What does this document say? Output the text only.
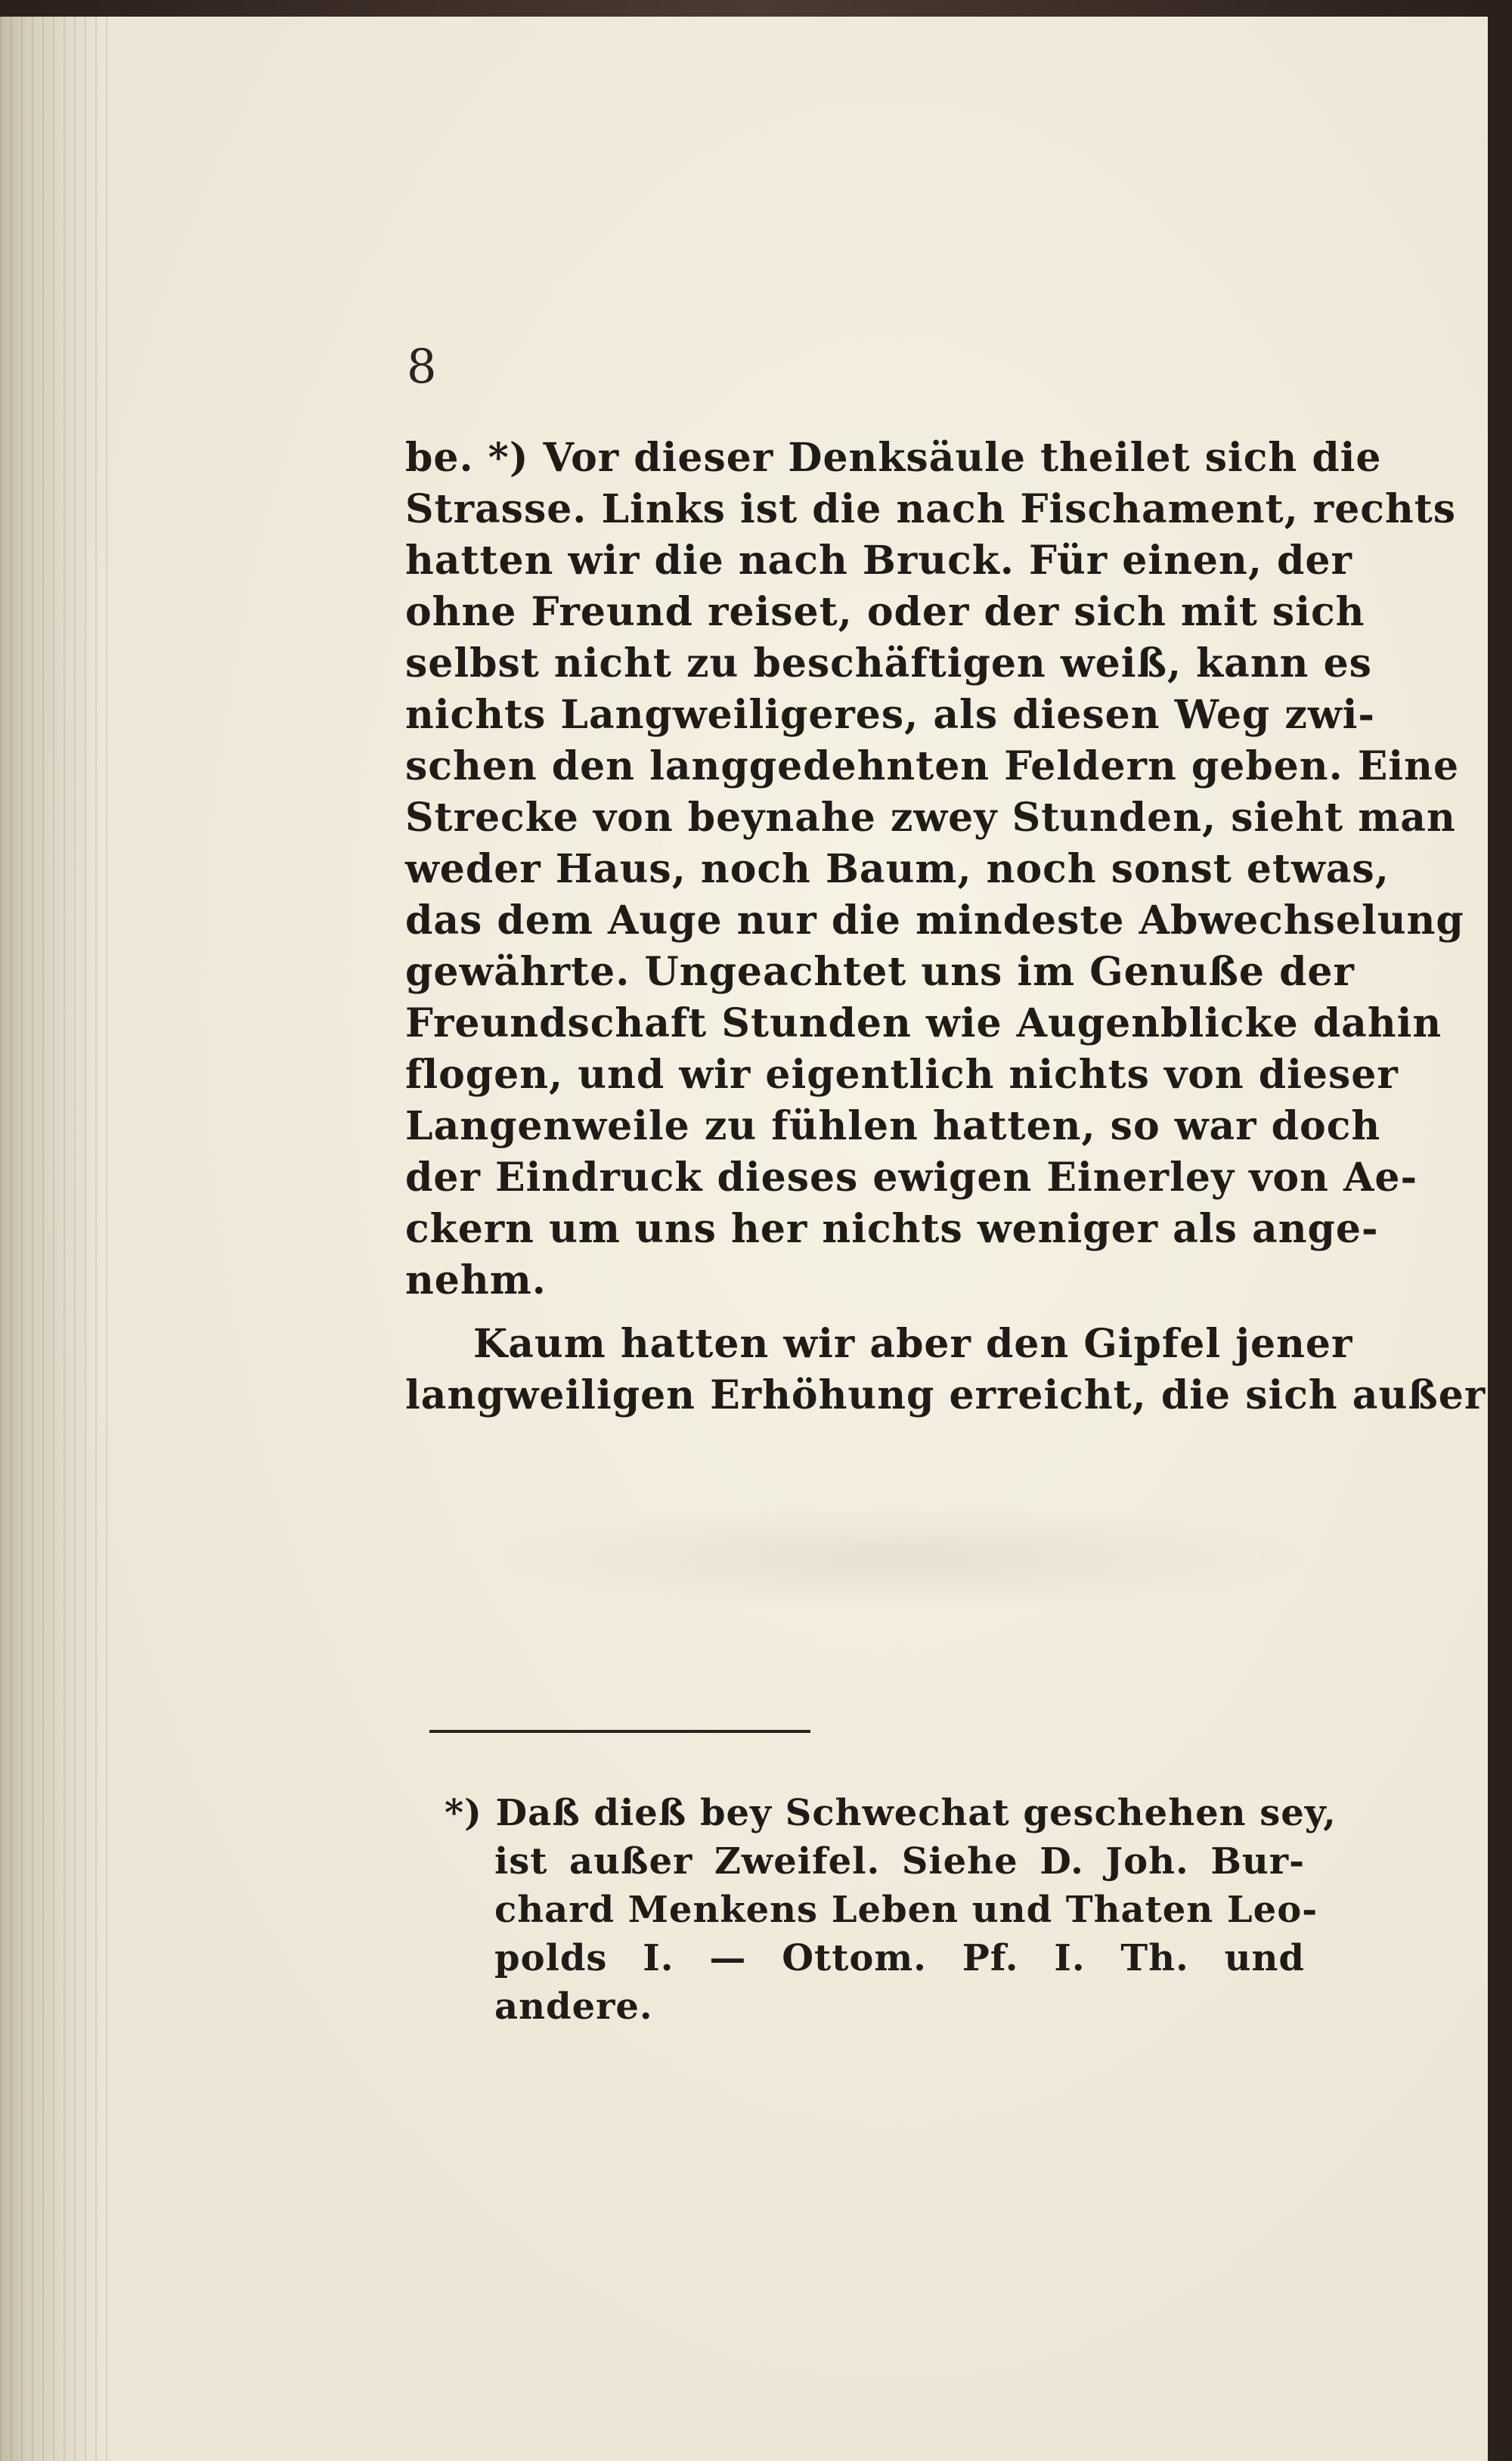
8
be. *) Vor dieser Denksäule theilet sich die
Strasse. Links ist die nach Fischament, rechts
hatten wir die nach Bruck. Für einen, der
ohne Freund reiset, oder der sich mit sich
selbst nicht zu beschäftigen weiß, kann es
nichts Langweiligeres, als diesen Weg zwi-
schen den langgedehnten Feldern geben. Eine
Strecke von beynahe zwey Stunden, sieht man
weder Haus, noch Baum, noch sonst etwas,
das dem Auge nur die mindeste Abwechselung
gewährte. Ungeachtet uns im Genuße der
Freundschaft Stunden wie Augenblicke dahin
flogen, und wir eigentlich nichts von dieser
Langenweile zu fühlen hatten, so war doch
der Eindruck dieses ewigen Einerley von Ae-
ckern um uns her nichts weniger als ange-
nehm.
Kaum hatten wir aber den Gipfel jener
langweiligen Erhöhung erreicht, die sich außer
*) Daß dieß bey Schwechat geschehen sey,
ist außer Zweifel. Siehe D. Joh. Bur-
chard Menkens Leben und Thaten Leo-
polds I. — Ottom. Pf. I. Th. und
andere.
